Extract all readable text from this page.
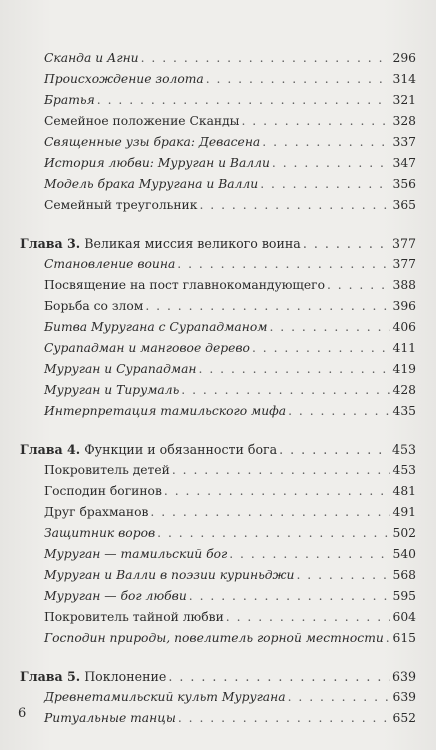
Сканда и Агни . . .	296
Происхождение золота . . .	314
Братья . . .	321
Семейное положение Сканды . . .	328
Священные узы брака: Девасена . . .	337
История любви: Муруган и Валли . . .	347
Модель брака Муругана и Валли . . .	356
Семейный треугольник . . .	365
Глава 3. Великая миссия великого воина . . .	377
Становление воина . . .	377
Посвящение на пост главнокомандующего . . .	388
Борьба со злом . . .	396
Битва Муругана с Сурападманом . . .	406
Сурападман и манговое дерево . . .	411
Муруган и Сурападман . . .	419
Муруган и Тирумаль . . .	428
Интерпретация тамильского мифа . . .	435
Глава 4. Функции и обязанности бога . . .	453
Покровитель детей . . .	453
Господин богинов . . .	481
Друг брахманов . . .	491
Защитник воров . . .	502
Муруган — тамильский бог . . .	540
Муруган и Валли в поэзии куриньджи . . .	568
Муруган — бог любви . . .	595
Покровитель тайной любви . . .	604
Господин природы, повелитель горной местности . . . 615
Глава 5. Поклонение . . .	639
Древнетамильский культ Муругана . . .	639
Ритуальные танцы . . .	652
6
